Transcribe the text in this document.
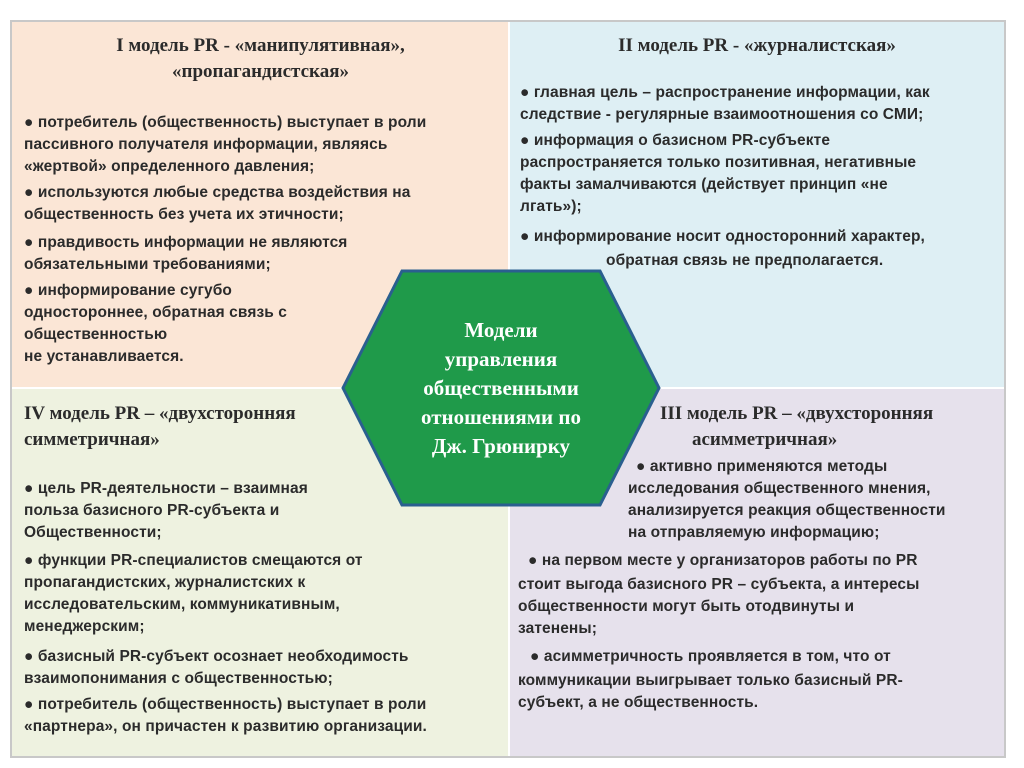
I модель PR - «манипулятивная»,
«пропагандистская»
● потребитель (общественность) выступает в роли
пассивного получателя информации, являясь
«жертвой» определенного давления;
● используются любые средства воздействия на
общественность без учета их этичности;
● правдивость информации не являются
обязательными требованиями;
● информирование сугубо
одностороннее, обратная связь с
общественностью
не устанавливается.
II модель PR - «журналистская»
● главная цель – распространение информации, как
следствие - регулярные взаимоотношения со СМИ;
● информация о базисном PR-субъекте
распространяется только позитивная, негативные
факты замалчиваются (действует принцип «не
лгать»);
● информирование носит односторонний характер,
обратная связь не предполагается.
IV модель PR – «двухсторонняя
симметричная»
● цель PR-деятельности – взаимная
польза базисного PR-субъекта и
Общественности;
● функции PR-специалистов смещаются от
пропагандистских, журналистских к
исследовательским, коммуникативным,
менеджерским;
● базисный PR-субъект осознает необходимость
взаимопонимания с общественностью;
● потребитель (общественность) выступает в роли
«партнера», он причастен к развитию организации.
III модель PR – «двухсторонняя
асимметричная»
● активно применяются методы
исследования общественного мнения,
анализируется реакция общественности
на отправляемую информацию;
● на первом месте у организаторов работы по PR
стоит выгода базисного PR – субъекта, а интересы
общественности могут быть отодвинуты и
затенены;
● асимметричность проявляется в том, что от
коммуникации выигрывает только базисный PR-
субъект, а не общественность.
Модели
управления
общественными
отношениями по
Дж. Грюнирку
